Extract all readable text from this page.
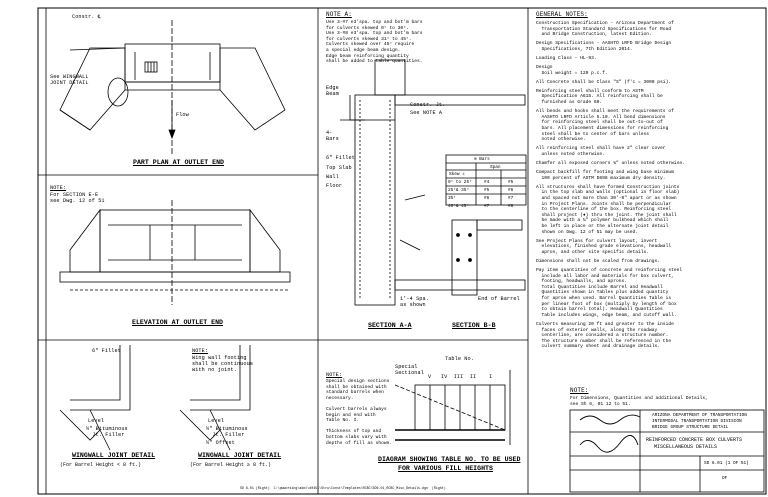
Constr. ℄
See WINGWALL
JOINT DETAIL
Flow
PART PLAN AT OUTLET END
NOTE:
For SECTION E-E
see Dwg. 12 of 51
ELEVATION AT OUTLET END
6" Fillet
Level
½" Bituminous
Jt. Filler
WINGWALL JOINT DETAIL
(For Barrel Height < 8 ft.)
NOTE:
Wing wall footing
shall be continuous
with no joint.
Level
½" Bituminous
Jt. Filler
½" Offset
WINGWALL JOINT DETAIL
(For Barrel Height ≥ 8 ft.)
NOTE A:
Use 3-#7 e3'spa. top and bot'm bars
for culverts skewed 0° to 30°.
Use 3-#8 e3'spa. top and bot'm bars
for culverts skewed 31° to 45°.
Culverts skewed over 45° require
a special edge beam design.
Edge beam reinforcing quantity
shall be added to table quantities.
Edge
Beam
See NOTE A
Constr. Jt.
4-
Bars
6" Fillet
Top Slab
Wall
Floor
1'-4 Spa.
as shown
End of Barrel
SECTION A-A	SECTION B-B
⊕ Bars
Skew ∠
Span
0° to 25°	#4	#5
25°& 35°	#5	#6
35°	#6	#7
40°& 45°	#7	#8
NOTE:
Special design sections
shall be obtained with
standard barrels when
necessary.

Culvert barrels always
begin and end with
Table No. I.

Thickness of top and
bottom slabs vary with
depths of fill as shown.
Table No.
Special
Sectional
V   IV  III  II    I
DIAGRAM SHOWING TABLE NO. TO BE USED
FOR VARIOUS FILL HEIGHTS
GENERAL NOTES:
Construction Specification - Arizona Department of
Transportation Standard Specifications for Road
and Bridge Construction, latest Edition.
Design Specifications - AASHTO LRFD Bridge Design
Specifications, 7th Edition 2014.
Loading Class - HL-93.
Design
Soil weight = 120 p.c.f.
All Concrete shall be Class "S" (f'c = 3000 psi).
Reinforcing steel shall conform to ASTM
Specification A615. All reinforcing shall be
furnished as Grade 60.
All bends and hooks shall meet the requirements of
AASHTO LRFD Article 5.10. All bend dimensions
for reinforcing steel shall be out-to-out of
bars. All placement dimensions for reinforcing
steel shall be to center of bars unless
noted otherwise.
All reinforcing steel shall have 2" clear cover
unless noted otherwise.
Chamfer all exposed corners ¾" unless noted otherwise.
Compact backfill for footing and wing base minimum
100 percent of ASTM D698 maximum dry density.
All structures shall have formed Construction joints
in the top slab and walls (optional in floor slab)
and spaced not more than 30'-0" apart or as shown
in Project Plans. Joints shall be perpendicular
to the centerline of the box. Reinforcing steel
shall project (♦) thru the joint. The joint shall
be made with a ¾" polymer bulkhead which shall
be left in place or the alternate joint detail
shown on Dwg. 12 of 51 may be used.
See Project Plans for culvert layout, invert
elevations, finished grade elevations, headwall
apron, and other site specific details.
Dimensions shall not be scaled from drawings.
Pay item quantities of concrete and reinforcing steel
include all labor and materials for box culvert,
footing, headwalls, and aprons.
Total Quantities include Barrel and Headwall
Quantities shown in Tables plus added quantity
for apron when used. Barrel Quantities Table is
per linear foot of box (multiply by length of box
to obtain barrel total). Headwall Quantities
Table includes wings, edge beam, and cutoff wall.
Culverts measuring 20 ft and greater to the inside
faces of exterior walls, along the roadway
centerline, are considered a structure number.
The structure number shall be referenced in the
culvert summary sheet and drainage details.
NOTE:
For Dimensions, Quantities and additional Details,
see Sh 6, 01 12 to 51.
ARIZONA DEPARTMENT OF TRANSPORTATION
INTERMODAL TRANSPORTATION DIVISION
BRIDGE GROUP STRUCTURE DETAIL
REINFORCED CONCRETE BOX CULVERTS
MISCELLANEOUS DETAILS
SD 6.01 (1 OF 51)
OF
SD 6.01 (Right)  C:\pwworking\adot\d0451\Stru\Const\Templates\RCBC\SD6.01_RCBC_Misc_Details.dgn  (Right)
